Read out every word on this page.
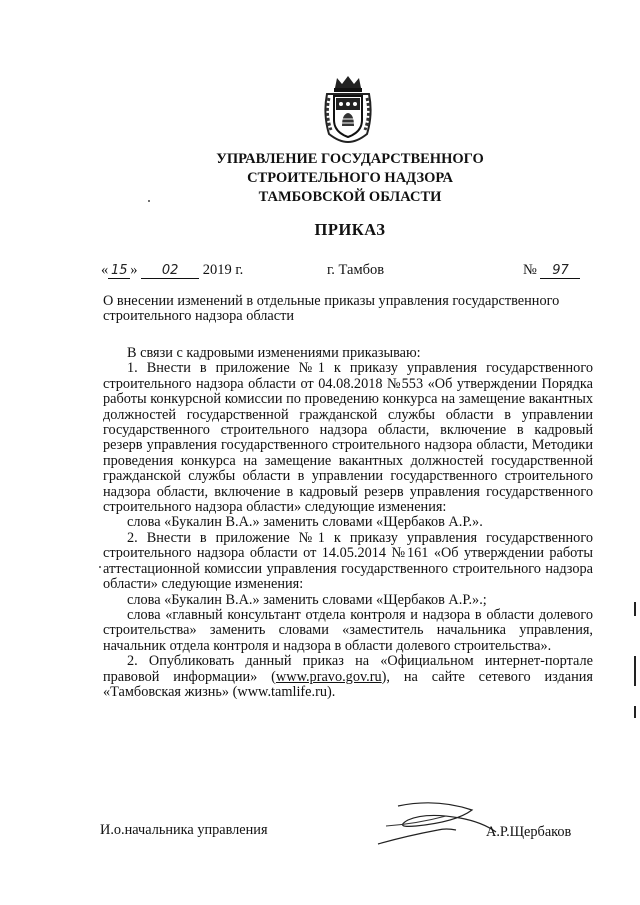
УПРАВЛЕНИЕ ГОСУДАРСТВЕННОГО
СТРОИТЕЛЬНОГО НАДЗОРА
ТАМБОВСКОЙ ОБЛАСТИ
ПРИКАЗ
« 15 » 02 2019 г.	г. Тамбов	№ 97
О внесении изменений в отдельные приказы управления государственного строительного надзора области

В связи с кадровыми изменениями приказываю:

1. Внести в приложение №1 к приказу управления государственного строительного надзора области от 04.08.2018 №553 «Об утверждении Порядка работы конкурсной комиссии по проведению конкурса на замещение вакантных должностей государственной гражданской службы области в управлении государственного строительного надзора области, включение в кадровый резерв управления государственного строительного надзора области, Методики проведения конкурса на замещение вакантных должностей государственной гражданской службы области в управлении государственного строительного надзора области, включение в кадровый резерв управления государственного строительного надзора области» следующие изменения:

слова «Букалин В.А.» заменить словами «Щербаков А.Р.».

2. Внести в приложение №1 к приказу управления государственного строительного надзора области от 14.05.2014 №161 «Об утверждении работы аттестационной комиссии управления государственного строительного надзора области» следующие изменения:

слова «Букалин В.А.» заменить словами «Щербаков А.Р.».;

слова «главный консультант отдела контроля и надзора в области долевого строительства» заменить словами «заместитель начальника управления, начальник отдела контроля и надзора в области долевого строительства».

2. Опубликовать данный приказ на «Официальном интернет-портале правовой информации» (www.pravo.gov.ru), на сайте сетевого издания «Тамбовская жизнь» (www.tamlife.ru).

И.о.начальника управления	А.Р.Щербаков
